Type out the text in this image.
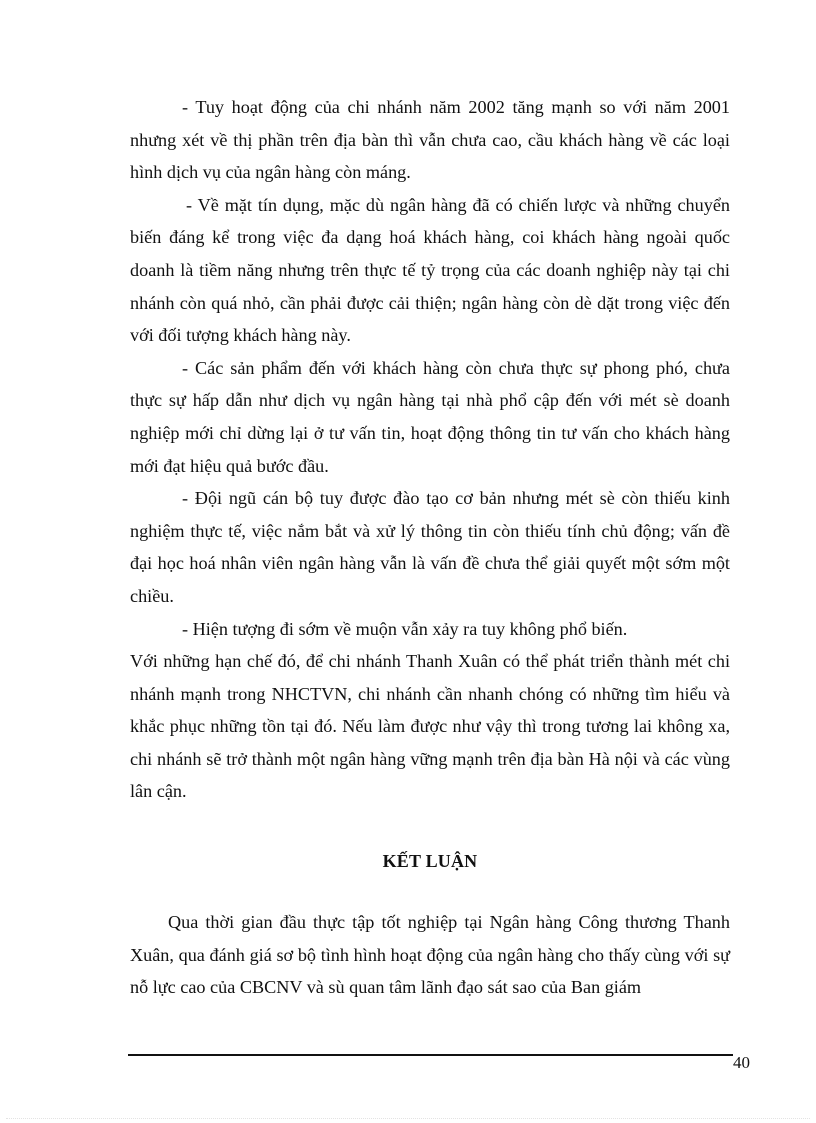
- Tuy hoạt động của chi nhánh năm 2002 tăng mạnh so với năm 2001 nhưng xét về thị phần trên địa bàn thì vẫn chưa cao, cầu khách hàng về các loại hình dịch vụ của ngân hàng còn máng.

- Về mặt tín dụng, mặc dù ngân hàng đã có chiến lược và những chuyển biến đáng kể trong việc đa dạng hoá khách hàng, coi khách hàng ngoài quốc doanh là tiềm năng nhưng trên thực tế tỷ trọng của các doanh nghiệp này tại chi nhánh còn quá nhỏ, cần phải được cải thiện; ngân hàng còn dè dặt trong việc đến với đối tượng khách hàng này.

- Các sản phẩm đến với khách hàng còn chưa thực sự phong phó, chưa thực sự hấp dẫn như dịch vụ ngân hàng tại nhà phổ cập đến với mét sè doanh nghiệp mới chỉ dừng lại ở tư vấn tin, hoạt động thông tin tư vấn cho khách hàng mới đạt hiệu quả bước đầu.

- Đội ngũ cán bộ tuy được đào tạo cơ bản nhưng mét sè còn thiếu kinh nghiệm thực tế, việc nắm bắt và xử lý thông tin còn thiếu tính chủ động; vấn đề đại học hoá nhân viên ngân hàng vẫn là vấn đề chưa thể giải quyết một sớm một chiều.

- Hiện tượng đi sớm về muộn vẫn xảy ra tuy không phổ biến.

Với những hạn chế đó, để chi nhánh Thanh Xuân có thể phát triển thành mét chi nhánh mạnh trong NHCTVN, chi nhánh cần nhanh chóng có những tìm hiểu và khắc phục những tồn tại đó. Nếu làm được như vậy thì trong tương lai không xa, chi nhánh sẽ trở thành một ngân hàng vững mạnh trên địa bàn Hà nội và các vùng lân cận.

KẾT LUẬN

Qua thời gian đầu thực tập tốt nghiệp tại Ngân hàng Công thương Thanh Xuân, qua đánh giá sơ bộ tình hình hoạt động của ngân hàng cho thấy cùng với sự nỗ lực cao của CBCNV và sù quan tâm lãnh đạo sát sao của Ban giám

40
